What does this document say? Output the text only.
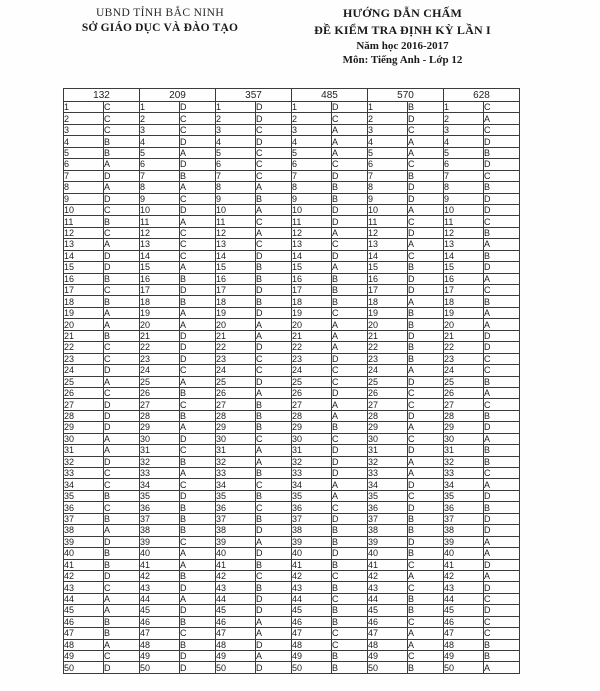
UBND TỈNH BẮC NINH
SỞ GIÁO DỤC VÀ ĐÀO TẠO
HƯỚNG DẪN CHẤM
ĐỀ KIỂM TRA ĐỊNH KỲ LẦN I
Năm học 2016-2017
Môn: Tiếng Anh - Lớp 12
132		209		357		485		570		628	
1	C	1	D	1	D	1	D	1	B	1	C
2	C	2	C	2	D	2	C	2	D	2	A
3	C	3	C	3	C	3	A	3	C	3	C
4	B	4	D	4	D	4	A	4	A	4	D
5	B	5	A	5	C	5	A	5	A	5	B
6	A	6	D	6	C	6	C	6	C	6	D
7	D	7	B	7	C	7	D	7	B	7	C
8	A	8	A	8	A	8	B	8	D	8	B
9	D	9	C	9	B	9	B	9	D	9	D
10	C	10	D	10	A	10	D	10	A	10	D
11	B	11	A	11	C	11	D	11	C	11	C
12	C	12	C	12	A	12	A	12	D	12	B
13	A	13	C	13	C	13	C	13	A	13	A
14	D	14	C	14	D	14	D	14	C	14	B
15	D	15	A	15	B	15	A	15	B	15	D
16	B	16	B	16	B	16	B	16	D	16	A
17	C	17	D	17	D	17	B	17	D	17	C
18	B	18	B	18	B	18	B	18	A	18	B
19	A	19	A	19	D	19	C	19	B	19	A
20	A	20	A	20	A	20	A	20	B	20	A
21	B	21	D	21	A	21	A	21	D	21	D
22	C	22	D	22	D	22	A	22	B	22	D
23	C	23	D	23	C	23	D	23	B	23	C
24	D	24	C	24	C	24	C	24	A	24	C
25	A	25	A	25	D	25	C	25	D	25	B
26	C	26	B	26	A	26	D	26	C	26	A
27	D	27	C	27	B	27	A	27	C	27	C
28	D	28	B	28	B	28	A	28	D	28	B
29	D	29	A	29	B	29	B	29	A	29	D
30	A	30	D	30	C	30	C	30	C	30	A
31	A	31	C	31	A	31	D	31	D	31	B
32	D	32	B	32	A	32	D	32	A	32	B
33	C	33	A	33	B	33	D	33	A	33	C
34	C	34	C	34	C	34	A	34	D	34	A
35	B	35	D	35	B	35	A	35	C	35	D
36	C	36	B	36	C	36	C	36	D	36	B
37	B	37	B	37	B	37	D	37	B	37	D
38	A	38	B	38	D	38	B	38	B	38	D
39	D	39	C	39	A	39	B	39	D	39	A
40	B	40	A	40	D	40	D	40	B	40	A
41	B	41	A	41	B	41	B	41	C	41	D
42	D	42	B	42	C	42	C	42	A	42	A
43	C	43	D	43	B	43	B	43	C	43	D
44	A	44	A	44	D	44	C	44	B	44	C
45	A	45	D	45	D	45	B	45	B	45	D
46	B	46	B	46	A	46	B	46	C	46	C
47	B	47	C	47	A	47	C	47	A	47	C
48	A	48	B	48	D	48	C	48	A	48	B
49	C	49	D	49	A	49	B	49	C	49	B
50	D	50	D	50	D	50	B	50	B	50	A
